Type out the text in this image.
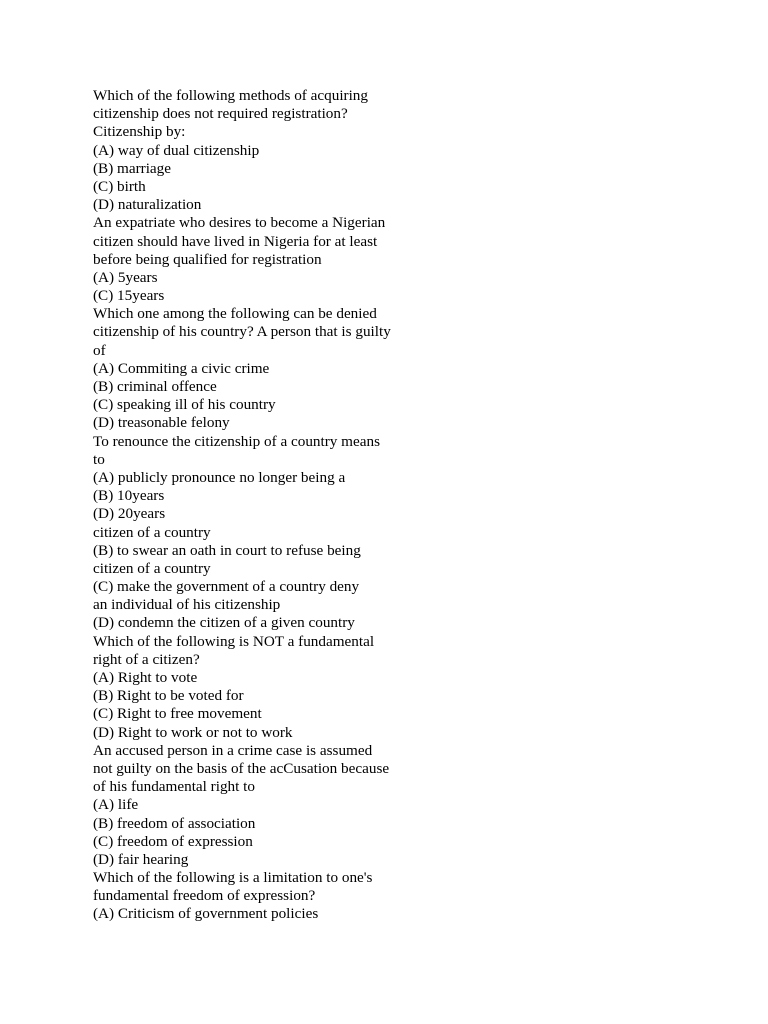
Which of the following methods of acquiring
citizenship does not required registration?
Citizenship by:
(A) way of dual citizenship
(B) marriage
(C) birth
(D) naturalization
An expatriate who desires to become a Nigerian
citizen should have lived in Nigeria for at least
before being qualified for registration
(A) 5years
(C) 15years
Which one among the following can be denied
citizenship of his country? A person that is guilty
of
(A) Commiting a civic crime
(B) criminal offence
(C) speaking ill of his country
(D) treasonable felony
To renounce the citizenship of a country means
to
(A) publicly pronounce no longer being a
(B) 10years
(D) 20years
citizen of a country
(B) to swear an oath in court to refuse being
citizen of a country
(C) make the government of a country deny
an individual of his citizenship
(D) condemn the citizen of a given country
Which of the following is NOT a fundamental
right of a citizen?
(A) Right to vote
(B) Right to be voted for
(C) Right to free movement
(D) Right to work or not to work
An accused person in a crime case is assumed
not guilty on the basis of the acCusation because
of his fundamental right to
(A) life
(B) freedom of association
(C) freedom of expression
(D) fair hearing
Which of the following is a limitation to one's
fundamental freedom of expression?
(A) Criticism of government policies
